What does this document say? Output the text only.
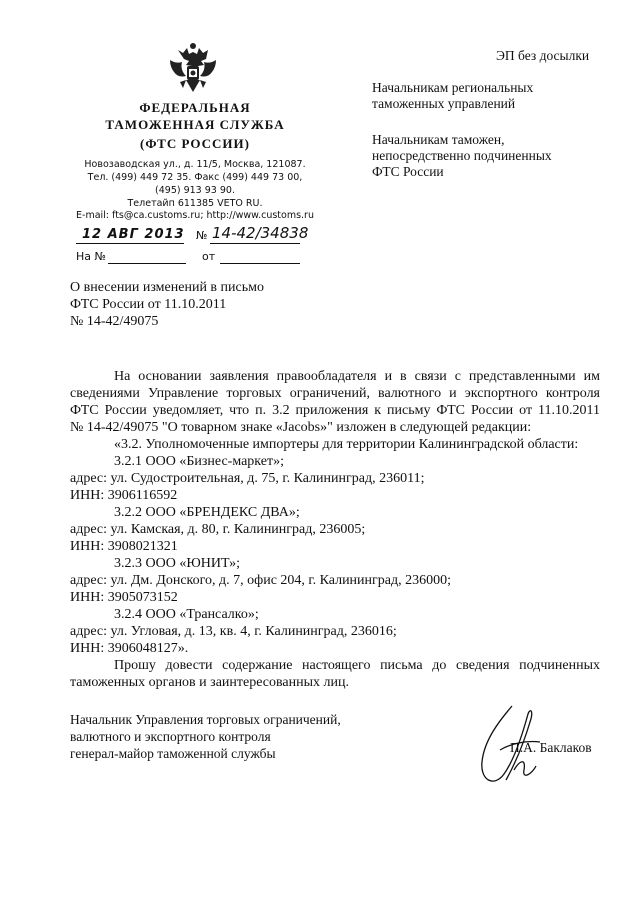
ФЕДЕРАЛЬНАЯ
ТАМОЖЕННАЯ СЛУЖБА
(ФТС РОССИИ)
Новозаводская ул., д. 11/5, Москва, 121087.
Тел. (499) 449 72 35. Факс (499) 449 73 00,
(495) 913 93 90.
Телетайп 611385 VETO RU.
E-mail: fts@ca.customs.ru; http://www.customs.ru
12 АВГ 2013	№ 14-42/34838
На №	от
ЭП без досылки
Начальникам региональных
таможенных управлений
Начальникам таможен,
непосредственно подчиненных
ФТС России
О внесении изменений в письмо
ФТС России от 11.10.2011
№ 14-42/49075
На основании заявления правообладателя и в связи с представленными им
сведениями Управление торговых ограничений, валютного и экспортного контроля
ФТС России уведомляет, что п. 3.2 приложения к письму ФТС России от 11.10.2011
№ 14-42/49075 "О товарном знаке «Jacobs»" изложен в следующей редакции:
«3.2. Уполномоченные импортеры для территории Калининградской области:
3.2.1 ООО «Бизнес-маркет»;
адрес: ул. Судостроительная, д. 75, г. Калининград, 236011;
ИНН: 3906116592
3.2.2 ООО «БРЕНДЕКС ДВА»;
адрес: ул. Камская, д. 80, г. Калининград, 236005;
ИНН: 3908021321
3.2.3 ООО «ЮНИТ»;
адрес: ул. Дм. Донского, д. 7, офис 204, г. Калининград, 236000;
ИНН: 3905073152
3.2.4 ООО «Трансалко»;
адрес: ул. Угловая, д. 13, кв. 4, г. Калининград, 236016;
ИНН: 3906048127».
Прошу довести содержание настоящего письма до сведения подчиненных
таможенных органов и заинтересованных лиц.
Начальник Управления торговых ограничений,
валютного и экспортного контроля
генерал-майор таможенной службы	П.А. Баклаков
